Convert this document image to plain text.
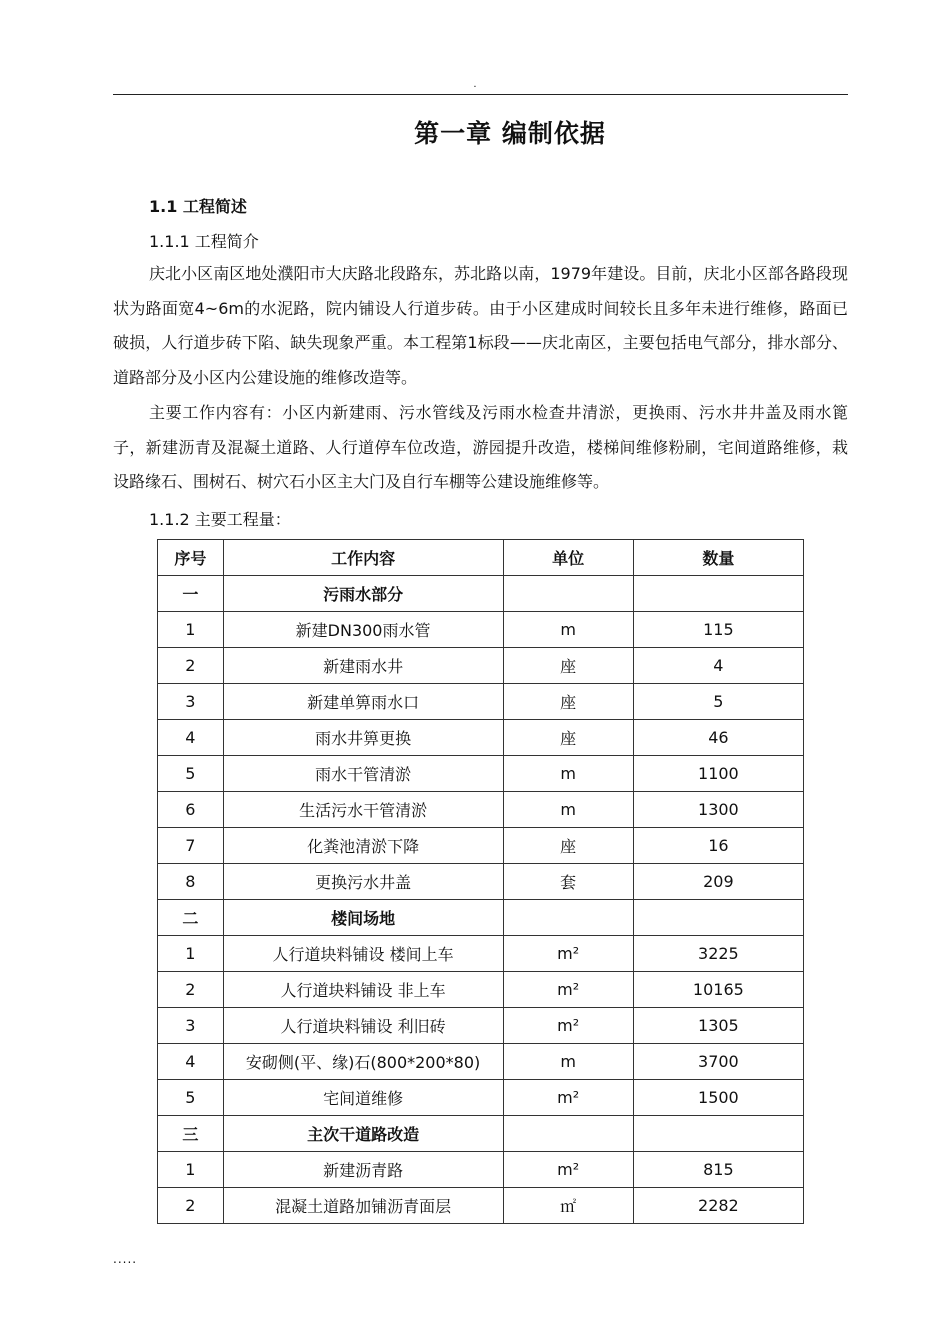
.
第一章 编制依据
1.1 工程简述
1.1.1 工程简介

庆北小区南区地处濮阳市大庆路北段路东，苏北路以南，1979年建设。目前，庆北小区部各路段现状为路面宽4~6m的水泥路，院内铺设人行道步砖。由于小区建成时间较长且多年未进行维修，路面已破损，人行道步砖下陷、缺失现象严重。本工程第1标段——庆北南区，主要包括电气部分，排水部分、道路部分及小区内公建设施的维修改造等。

主要工作内容有：小区内新建雨、污水管线及污雨水检查井清淤，更换雨、污水井井盖及雨水篦子，新建沥青及混凝土道路、人行道停车位改造，游园提升改造，楼梯间维修粉刷，宅间道路维修，栽设路缘石、围树石、树穴石小区主大门及自行车棚等公建设施维修等。

1.1.2 主要工程量：
序号	工作内容	单位	数量
一	污雨水部分		
1	新建DN300雨水管	m	115
2	新建雨水井	座	4
3	新建单箅雨水口	座	5
4	雨水井箅更换	座	46
5	雨水干管清淤	m	1100
6	生活污水干管清淤	m	1300
7	化粪池清淤下降	座	16
8	更换污水井盖	套	209
二	楼间场地		
1	人行道块料铺设 楼间上车	m²	3225
2	人行道块料铺设 非上车	m²	10165
3	人行道块料铺设 利旧砖	m²	1305
4	安砌侧(平、缘)石(800*200*80)	m	3700
5	宅间道维修	m²	1500
三	主次干道路改造		
1	新建沥青路	m²	815
2	混凝土道路加铺沥青面层	㎡	2282
.....
